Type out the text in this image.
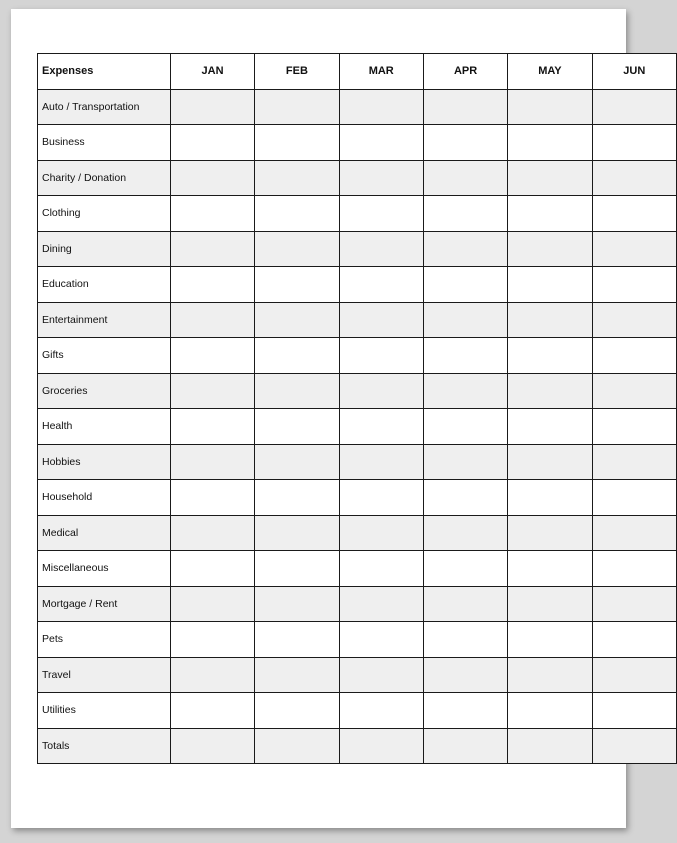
Expenses	JAN	FEB	MAR	APR	MAY	JUN
Auto / Transportation						
Business						
Charity / Donation						
Clothing						
Dining						
Education						
Entertainment						
Gifts						
Groceries						
Health						
Hobbies						
Household						
Medical						
Miscellaneous						
Mortgage / Rent						
Pets						
Travel						
Utilities						
Totals						
